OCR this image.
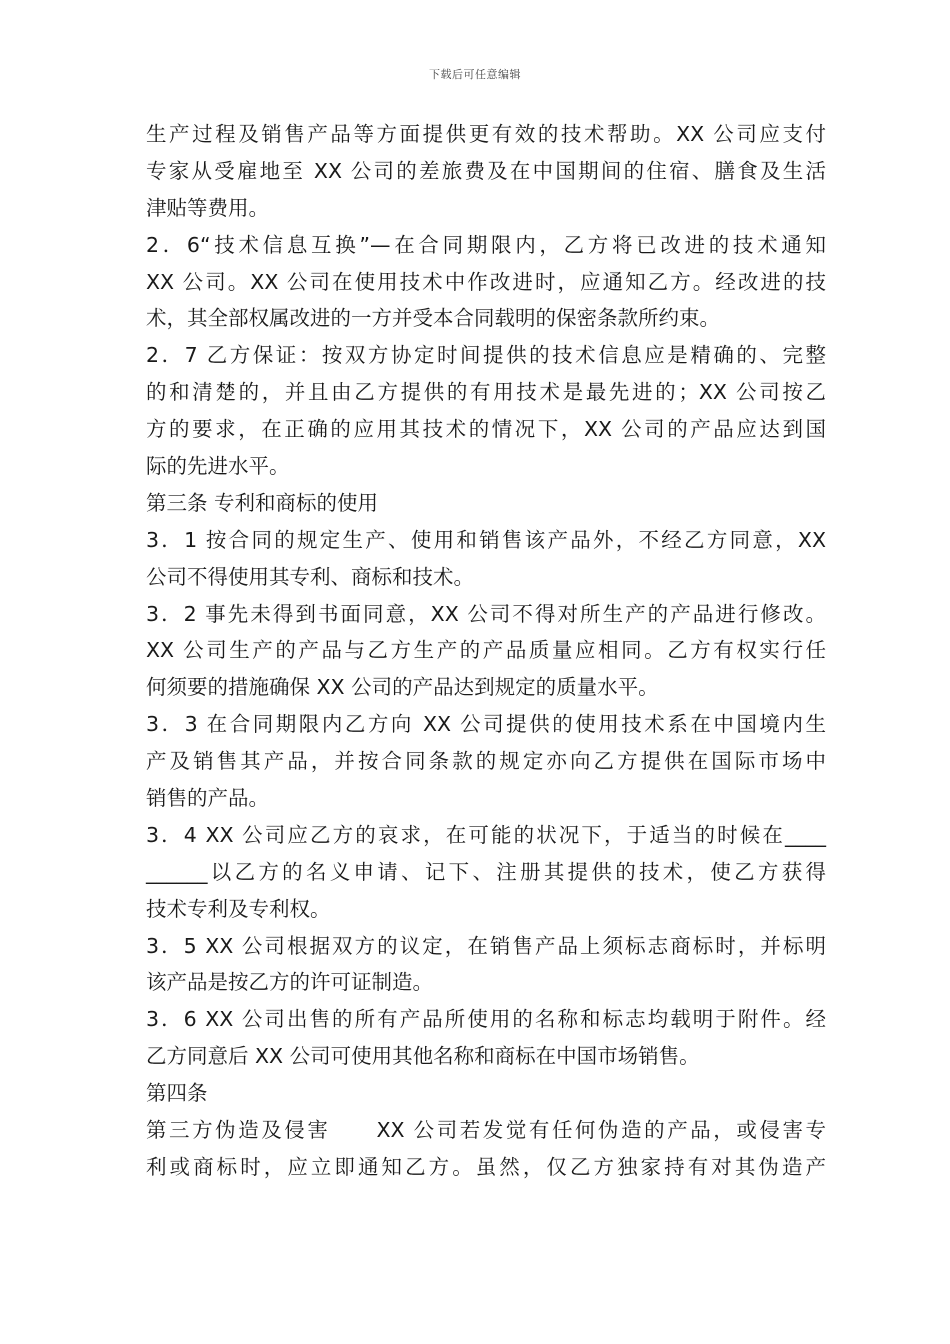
下载后可任意编辑
生产过程及销售产品等方面提供更有效的技术帮助。XX 公司应支付
专家从受雇地至 XX 公司的差旅费及在中国期间的住宿、膳食及生活
津贴等费用。
2．6“技术信息互换”—在合同期限内，乙方将已改进的技术通知
XX 公司。XX 公司在使用技术中作改进时，应通知乙方。经改进的技
术，其全部权属改进的一方并受本合同载明的保密条款所约束。
2．7 乙方保证：按双方协定时间提供的技术信息应是精确的、完整
的和清楚的，并且由乙方提供的有用技术是最先进的；XX 公司按乙
方的要求，在正确的应用其技术的情况下，XX 公司的产品应达到国
际的先进水平。
第三条 专利和商标的使用
3．1 按合同的规定生产、使用和销售该产品外，不经乙方同意，XX
公司不得使用其专利、商标和技术。
3．2 事先未得到书面同意，XX 公司不得对所生产的产品进行修改。
XX 公司生产的产品与乙方生产的产品质量应相同。乙方有权实行任
何须要的措施确保 XX 公司的产品达到规定的质量水平。
3．3 在合同期限内乙方向 XX 公司提供的使用技术系在中国境内生
产及销售其产品，并按合同条款的规定亦向乙方提供在国际市场中
销售的产品。
3．4 XX 公司应乙方的哀求，在可能的状况下，于适当的时候在____
______以乙方的名义申请、记下、注册其提供的技术，使乙方获得
技术专利及专利权。
3．5 XX 公司根据双方的议定，在销售产品上须标志商标时，并标明
该产品是按乙方的许可证制造。
3．6 XX 公司出售的所有产品所使用的名称和标志均载明于附件。经
乙方同意后 XX 公司可使用其他名称和商标在中国市场销售。
第四条
第三方伪造及侵害　　XX 公司若发觉有任何伪造的产品，或侵害专
利或商标时，应立即通知乙方。虽然，仅乙方独家持有对其伪造产
